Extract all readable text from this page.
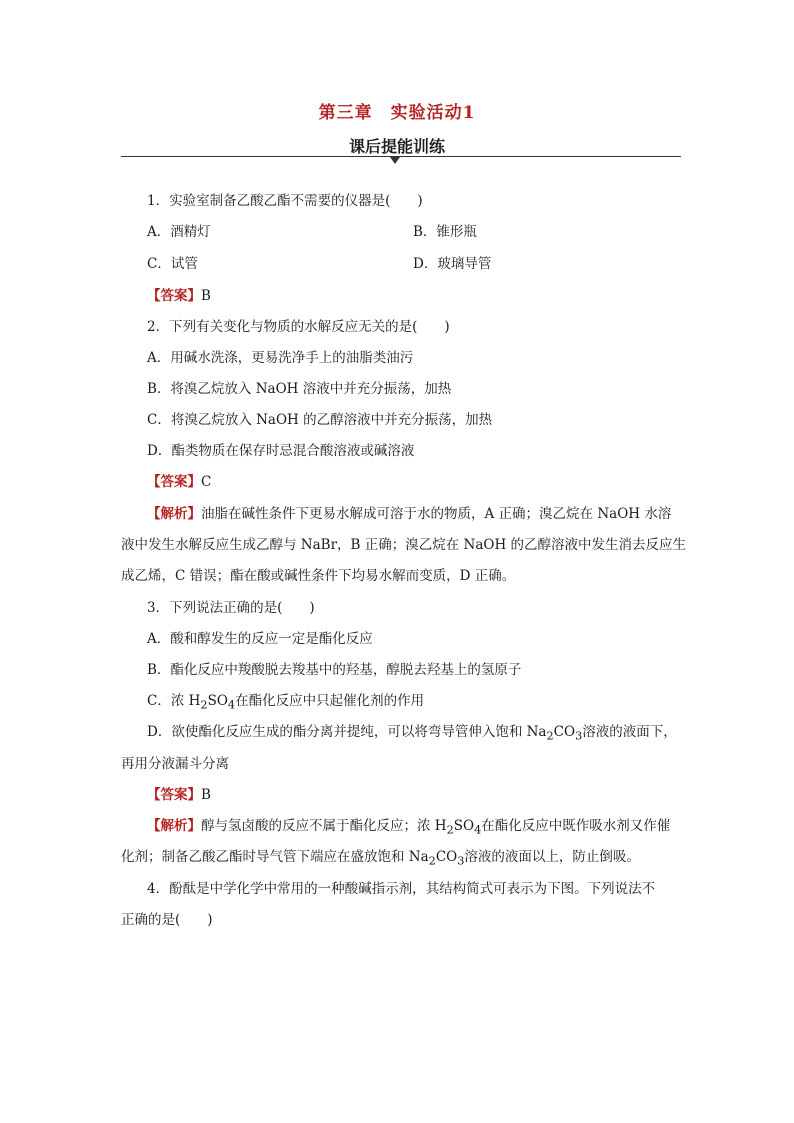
第三章　实验活动1
课后提能训练
1．实验室制备乙酸乙酯不需要的仪器是(　　)
A．酒精灯	B．锥形瓶
C．试管	D．玻璃导管
【答案】B
2．下列有关变化与物质的水解反应无关的是(　　)
A．用碱水洗涤，更易洗净手上的油脂类油污
B．将溴乙烷放入 NaOH 溶液中并充分振荡，加热
C．将溴乙烷放入 NaOH 的乙醇溶液中并充分振荡，加热
D．酯类物质在保存时忌混合酸溶液或碱溶液
【答案】C
【解析】油脂在碱性条件下更易水解成可溶于水的物质，A 正确；溴乙烷在 NaOH 水溶
液中发生水解反应生成乙醇与 NaBr，B 正确；溴乙烷在 NaOH 的乙醇溶液中发生消去反应生
成乙烯，C 错误；酯在酸或碱性条件下均易水解而变质，D 正确。
3．下列说法正确的是(　　)
A．酸和醇发生的反应一定是酯化反应
B．酯化反应中羧酸脱去羧基中的羟基，醇脱去羟基上的氢原子
C．浓 $H_2SO_4$在酯化反应中只起催化剂的作用
D．欲使酯化反应生成的酯分离并提纯，可以将弯导管伸入饱和 $Na_2CO_3$溶液的液面下，
再用分液漏斗分离
【答案】B
【解析】醇与氢卤酸的反应不属于酯化反应；浓 $H_2SO_4$在酯化反应中既作吸水剂又作催
化剂；制备乙酸乙酯时导气管下端应在盛放饱和 $Na_2CO_3$溶液的液面以上，防止倒吸。
4．酚酞是中学化学中常用的一种酸碱指示剂，其结构简式可表示为下图。下列说法不
正确的是(　　)
